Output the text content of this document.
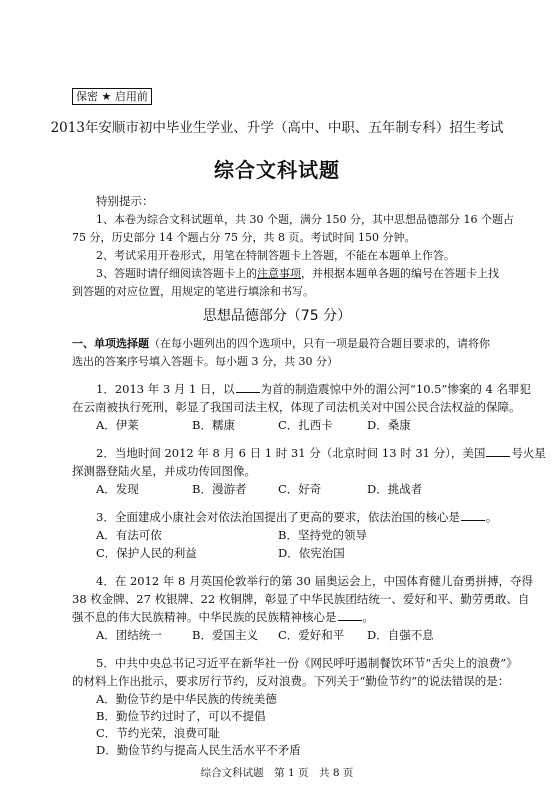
保密 ★ 启用前
2013年安顺市初中毕业生学业、升学（高中、中职、五年制专科）招生考试
综合文科试题
特别提示：
1、本卷为综合文科试题单，共 30 个题，满分 150 分，其中思想品德部分 16 个题占
75 分，历史部分 14 个题占分 75 分，共 8 页。考试时间 150 分钟。
2、考试采用开卷形式，用笔在特制答题卡上答题，不能在本题单上作答。
3、答题时请仔细阅读答题卡上的注意事项，并根据本题单各题的编号在答题卡上找
到答题的对应位置，用规定的笔进行填涂和书写。
思想品德部分（75 分）
一、单项选择题（在每小题列出的四个选项中，只有一项是最符合题目要求的，请将你
选出的答案序号填入答题卡。每小题 3 分，共 30 分）
1．2013 年 3 月 1 日，以 为首的制造震惊中外的湄公河“10.5”惨案的 4 名罪犯
在云南被执行死刑，彰显了我国司法主权，体现了司法机关对中国公民合法权益的保障。
A．伊莱	B．糯康	C．扎西卡	D．桑康
2．当地时间 2012 年 8 月 6 日 1 时 31 分（北京时间 13 时 31 分），美国 号火星
探测器登陆火星，并成功传回图像。
A．发现	B．漫游者	C．好奇	D．挑战者
3．全面建成小康社会对依法治国提出了更高的要求，依法治国的核心是 。
A．有法可依	B．坚持党的领导
C．保护人民的利益	D．依宪治国
4．在 2012 年 8 月英国伦敦举行的第 30 届奥运会上，中国体育健儿奋勇拼搏，夺得
38 枚金牌、27 枚银牌、22 枚铜牌，彰显了中华民族团结统一、爱好和平、勤劳勇敢、自
强不息的伟大民族精神。中华民族的民族精神核心是 。
A．团结统一	B．爱国主义 C．爱好和平 D．自强不息
5．中共中央总书记习近平在新华社一份《网民呼吁遏制餐饮环节“舌尖上的浪费”》
的材料上作出批示，要求厉行节约，反对浪费。下列关于“勤俭节约”的说法错误的是：
A．勤俭节约是中华民族的传统美德
B．勤俭节约过时了，可以不提倡
C．节约光荣，浪费可耻
D．勤俭节约与提高人民生活水平不矛盾
综合文科试题　第 1 页　共 8 页
